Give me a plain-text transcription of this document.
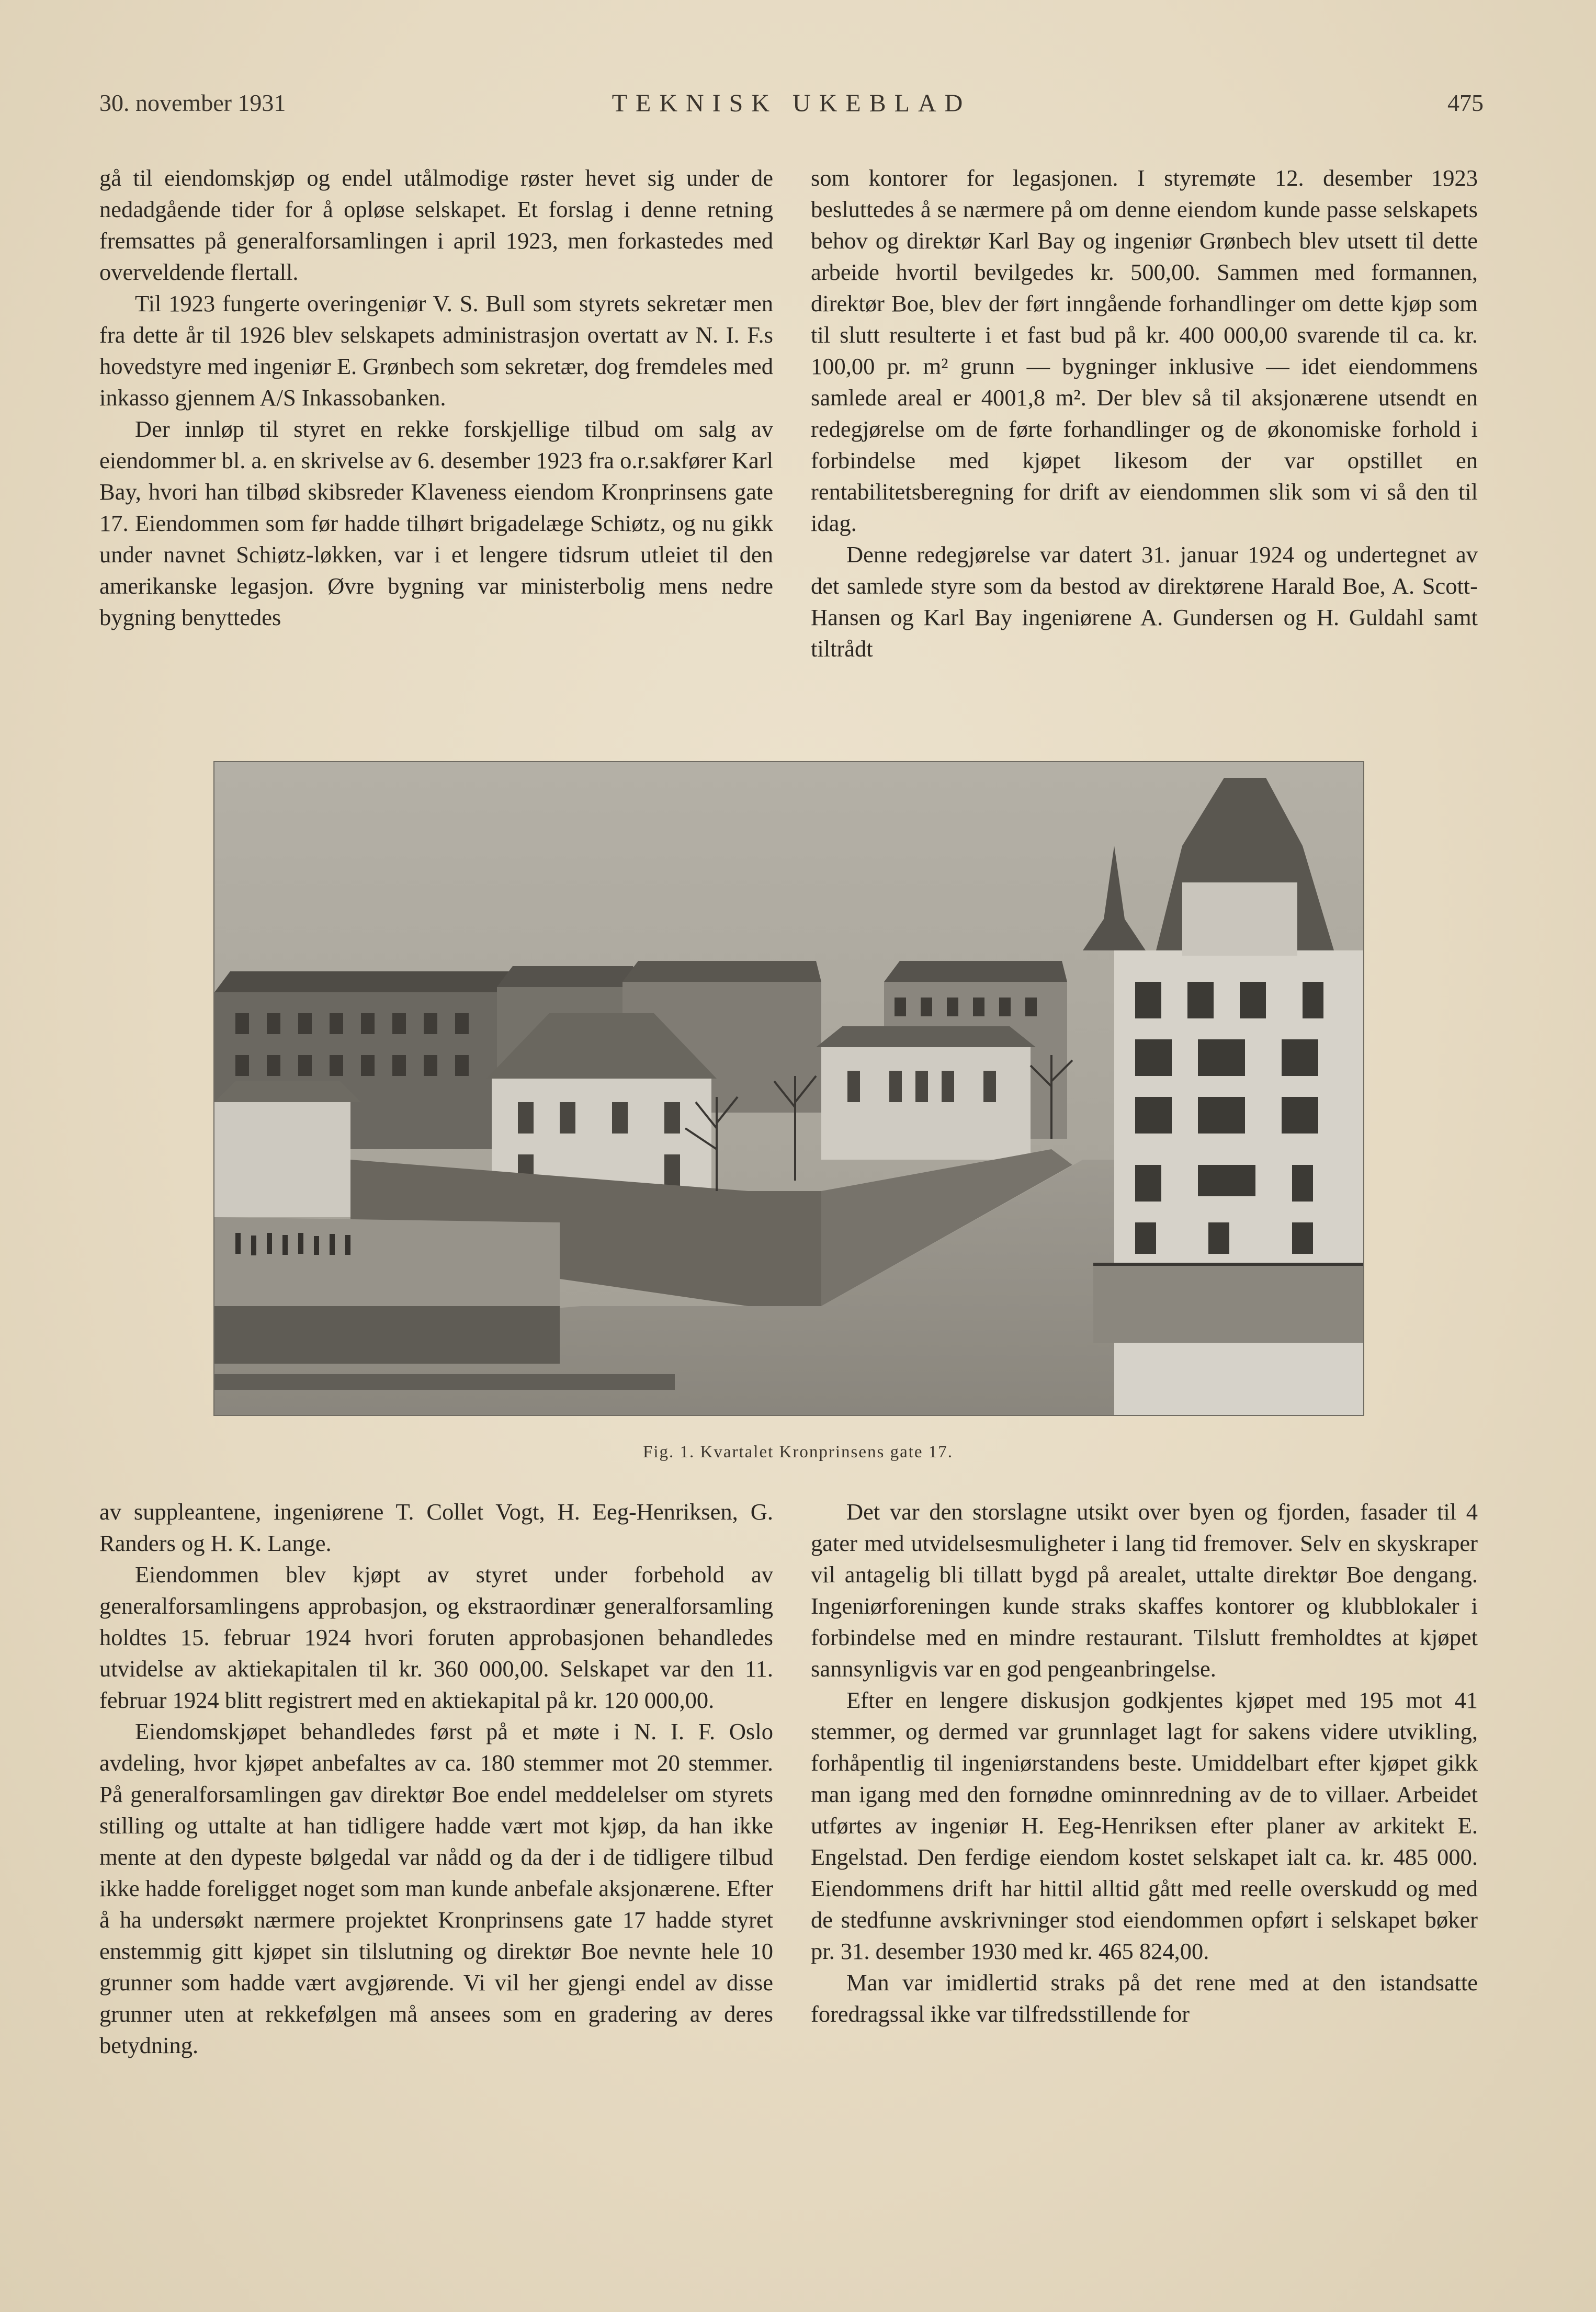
30. november 1931	TEKNISK UKEBLAD	475

gå til eiendomskjøp og endel utålmodige røster hevet sig under de nedadgående tider for å opløse selskapet. Et forslag i denne retning fremsattes på generalforsamlingen i april 1923, men forkastedes med overveldende flertall.

Til 1923 fungerte overingeniør V. S. Bull som styrets sekretær men fra dette år til 1926 blev selskapets administrasjon overtatt av N. I. F.s hovedstyre med ingeniør E. Grønbech som sekretær, dog fremdeles med inkasso gjennem A/S Inkassobanken.

Der innløp til styret en rekke forskjellige tilbud om salg av eiendommer bl. a. en skrivelse av 6. desember 1923 fra o.r.sakfører Karl Bay, hvori han tilbød skibsreder Klaveness eiendom Kronprinsens gate 17. Eiendommen som før hadde tilhørt brigadelæge Schiøtz, og nu gikk under navnet Schiøtz-løkken, var i et lengere tidsrum utleiet til den amerikanske legasjon. Øvre bygning var ministerbolig mens nedre bygning benyttedes

som kontorer for legasjonen. I styremøte 12. desember 1923 besluttedes å se nærmere på om denne eiendom kunde passe selskapets behov og direktør Karl Bay og ingeniør Grønbech blev utsett til dette arbeide hvortil bevilgedes kr. 500,00. Sammen med formannen, direktør Boe, blev der ført inngående forhandlinger om dette kjøp som til slutt resulterte i et fast bud på kr. 400 000,00 svarende til ca. kr. 100,00 pr. m² grunn — bygninger inklusive — idet eiendommens samlede areal er 4001,8 m². Der blev så til aksjonærene utsendt en redegjørelse om de førte forhandlinger og de økonomiske forhold i forbindelse med kjøpet likesom der var opstillet en rentabilitetsberegning for drift av eiendommen slik som vi så den til idag.

Denne redegjørelse var datert 31. januar 1924 og undertegnet av det samlede styre som da bestod av direktørene Harald Boe, A. Scott-Hansen og Karl Bay ingeniørene A. Gundersen og H. Guldahl samt tiltrådt

Fig. 1. Kvartalet Kronprinsens gate 17.

av suppleantene, ingeniørene T. Collet Vogt, H. Eeg-Henriksen, G. Randers og H. K. Lange.

Eiendommen blev kjøpt av styret under forbehold av generalforsamlingens approbasjon, og ekstraordinær generalforsamling holdtes 15. februar 1924 hvori foruten approbasjonen behandledes utvidelse av aktiekapitalen til kr. 360 000,00. Selskapet var den 11. februar 1924 blitt registrert med en aktiekapital på kr. 120 000,00.

Eiendomskjøpet behandledes først på et møte i N. I. F. Oslo avdeling, hvor kjøpet anbefaltes av ca. 180 stemmer mot 20 stemmer. På generalforsamlingen gav direktør Boe endel meddelelser om styrets stilling og uttalte at han tidligere hadde vært mot kjøp, da han ikke mente at den dypeste bølgedal var nådd og da der i de tidligere tilbud ikke hadde foreligget noget som man kunde anbefale aksjonærene. Efter å ha undersøkt nærmere projektet Kronprinsens gate 17 hadde styret enstemmig gitt kjøpet sin tilslutning og direktør Boe nevnte hele 10 grunner som hadde vært avgjørende. Vi vil her gjengi endel av disse grunner uten at rekkefølgen må ansees som en gradering av deres betydning.

Det var den storslagne utsikt over byen og fjorden, fasader til 4 gater med utvidelsesmuligheter i lang tid fremover. Selv en skyskraper vil antagelig bli tillatt bygd på arealet, uttalte direktør Boe dengang. Ingeniørforeningen kunde straks skaffes kontorer og klubblokaler i forbindelse med en mindre restaurant. Tilslutt fremholdtes at kjøpet sannsynligvis var en god pengeanbringelse.

Efter en lengere diskusjon godkjentes kjøpet med 195 mot 41 stemmer, og dermed var grunnlaget lagt for sakens videre utvikling, forhåpentlig til ingeniørstandens beste. Umiddelbart efter kjøpet gikk man igang med den fornødne ominnredning av de to villaer. Arbeidet utførtes av ingeniør H. Eeg-Henriksen efter planer av arkitekt E. Engelstad. Den ferdige eiendom kostet selskapet ialt ca. kr. 485 000. Eiendommens drift har hittil alltid gått med reelle overskudd og med de stedfunne avskrivninger stod eiendommen opført i selskapet bøker pr. 31. desember 1930 med kr. 465 824,00.

Man var imidlertid straks på det rene med at den istandsatte foredragssal ikke var tilfredsstillende for
